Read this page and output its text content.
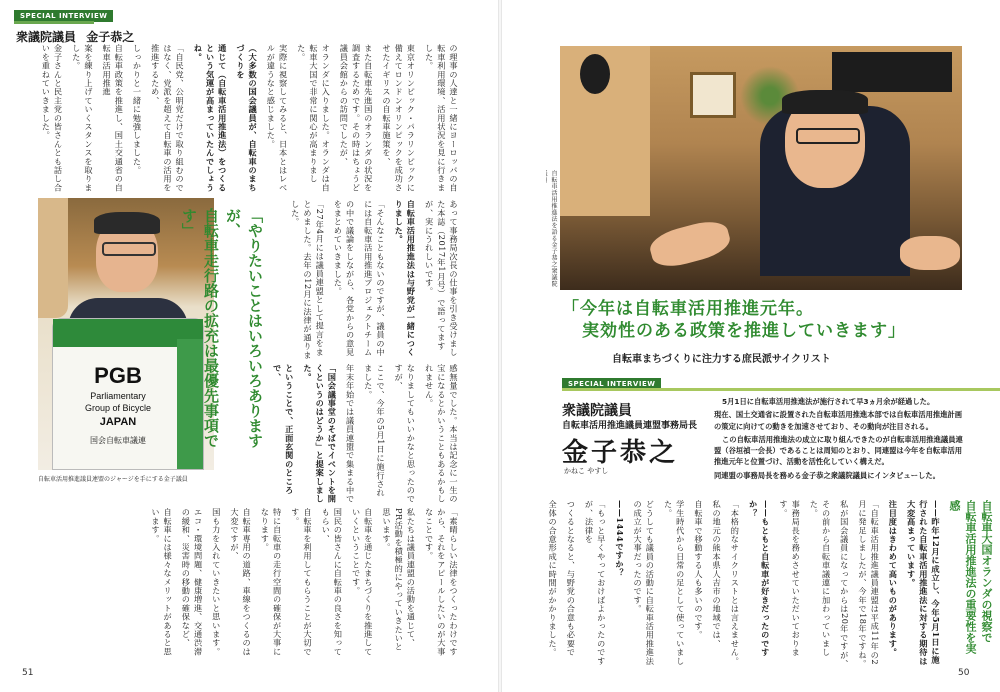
SPECIAL INTERVIEW
衆議院議員 金子恭之

の理事の人達と一緒にヨーロッパの自転車利用環境、活用状況を見に行きました。

東京オリンピック・パラリンピックに備えてロンドンオリンピックを成功させたイギリスの自転車施策を、

また自転車先進国のオランダの状況を調査するためです。その時はちょうど議員会館からの訪問でしたが、

オランダに入りました。オランダは自転車大国で非常に関心が高まりました。

実際に視察してみると、日本とはレベルが違うなと感じました。

（大多数の国会議員が、自転車のまちづくりを

通じて（自転車活用推進法）をつくるという気運が高まっていたんでしょうね。

「自民党、公明党だけで取り組むのではなく、党派を超えて自転車の活用を推進するため、

しっかりと一緒に勉強しました。

自転車政策を推進し、国土交通省の自転車活用推進

案を練り上げていくスタンスを取りました。

金子さんと民主党の皆さんとも話し合いを重ねていきました。

PGB
Parliamentary
Group of Bicycle
JAPAN
国会自転車議連
自転車活用推進議員連盟のジャージを手にする金子議員
「やりたいことはいろいろありますが、
自転車走行路の拡充は最優先事項です」	あって事務局次長の仕事を引き受けました本誌（2017年1月号）で語ってますが、実にうれしいです。

自転車活用推進法は与野党が一緒につくりました。

「そんなこともないのですが、議員の中には自転車活用推進プロジェクトチーム

の中で議論をしながら、各党からの意見をまとめていきました。

「27年4月には議員連盟として提言をまとめました。去年の12月に法律が通りました。

感無量でした。本当は記念に一生の宝になるとかいうこともあるかもしれません。

なりましてもいいかなと思ったのですが、

ここで、今年の5月1日に施行されました。

年末年始では議員連盟で集まる中で

「国会議事堂のそばでイベントを開くというのはどうか」と提案しました。

ということで、正面玄関のところで、

「素晴らしい法律をつくったわけですから、それをアピールしたいのが大事なことです。

私たちは議員連盟の活動を通じて、PR活動を積極的にやっていきたいと思います。

自転車を通じたまちづくりを推進していくということです。

国民の皆さんに自転車の良さを知ってもらい、

自転車を利用してもらうことが大切です。

特に自転車の走行空間の確保が大事になります。

自転車専用の道路、車線をつくるのは大変ですが、

国も力を入れていきたいと思います。

エコ・環境問題、健康増進、交通渋滞の緩和、災害時の移動の確保など、

自転車には様々なメリットがあると思います。

51
自転車活用推進法を語る金子恭之衆議院
「今年は自転車活用推進元年。
実効性のある政策を推進していきます」
自転車まちづくりに注力する庶民派サイクリスト
SPECIAL INTERVIEW
衆議院議員
自転車活用推進議員連盟事務局長
金子恭之
かねこ やすし

5月1日に自転車活用推進法が施行されて早3ヵ月余が経過した。

現在、国土交通省に設置された自転車活用推進本部では自転車活用推進計画の策定に向けての動きを加速させており、その動向が注目される。

この自転車活用推進法の成立に取り組んできたのが自転車活用推進議員連盟（谷垣禎一会長）であることは周知のとおり、同連盟は今年を自転車活用推進元年と位置づけ、活動を活性化していく構えだ。

同連盟の事務局長を務める金子恭之衆議院議員にインタビューした。

自転車大国オランダの視察で
自転車活用推進法の重要性を実感

——昨年12月に成立し、今年5月1日に施行された自転車活用推進法に対する期待は大変高まっています。

注目度はきわめて高いものがあります。

「自転車活用推進議員連盟は平成11年の2月に発足しましたが、今年で18年ですね。

私が国会議員になってからは20年ですが、

その前から自転車議連に加わっていました。

事務局長を務めさせていただいております。

——もともと自転車が好きだったのですか？

「本格的なサイクリストとは言えません。

私の地元の熊本県人吉市の地域では、

自転車で移動する人も多いのです。

学生時代から日常の足として使っていました。

どうしても議員の活動に自転車活用推進法の成立が大事だったのです。

——1444ですか？

「もっと早くやっておけばよかったのですが、法律を

つくるとなると、与野党の合意も必要で

全体の合意形成に時間がかかりました。

50
